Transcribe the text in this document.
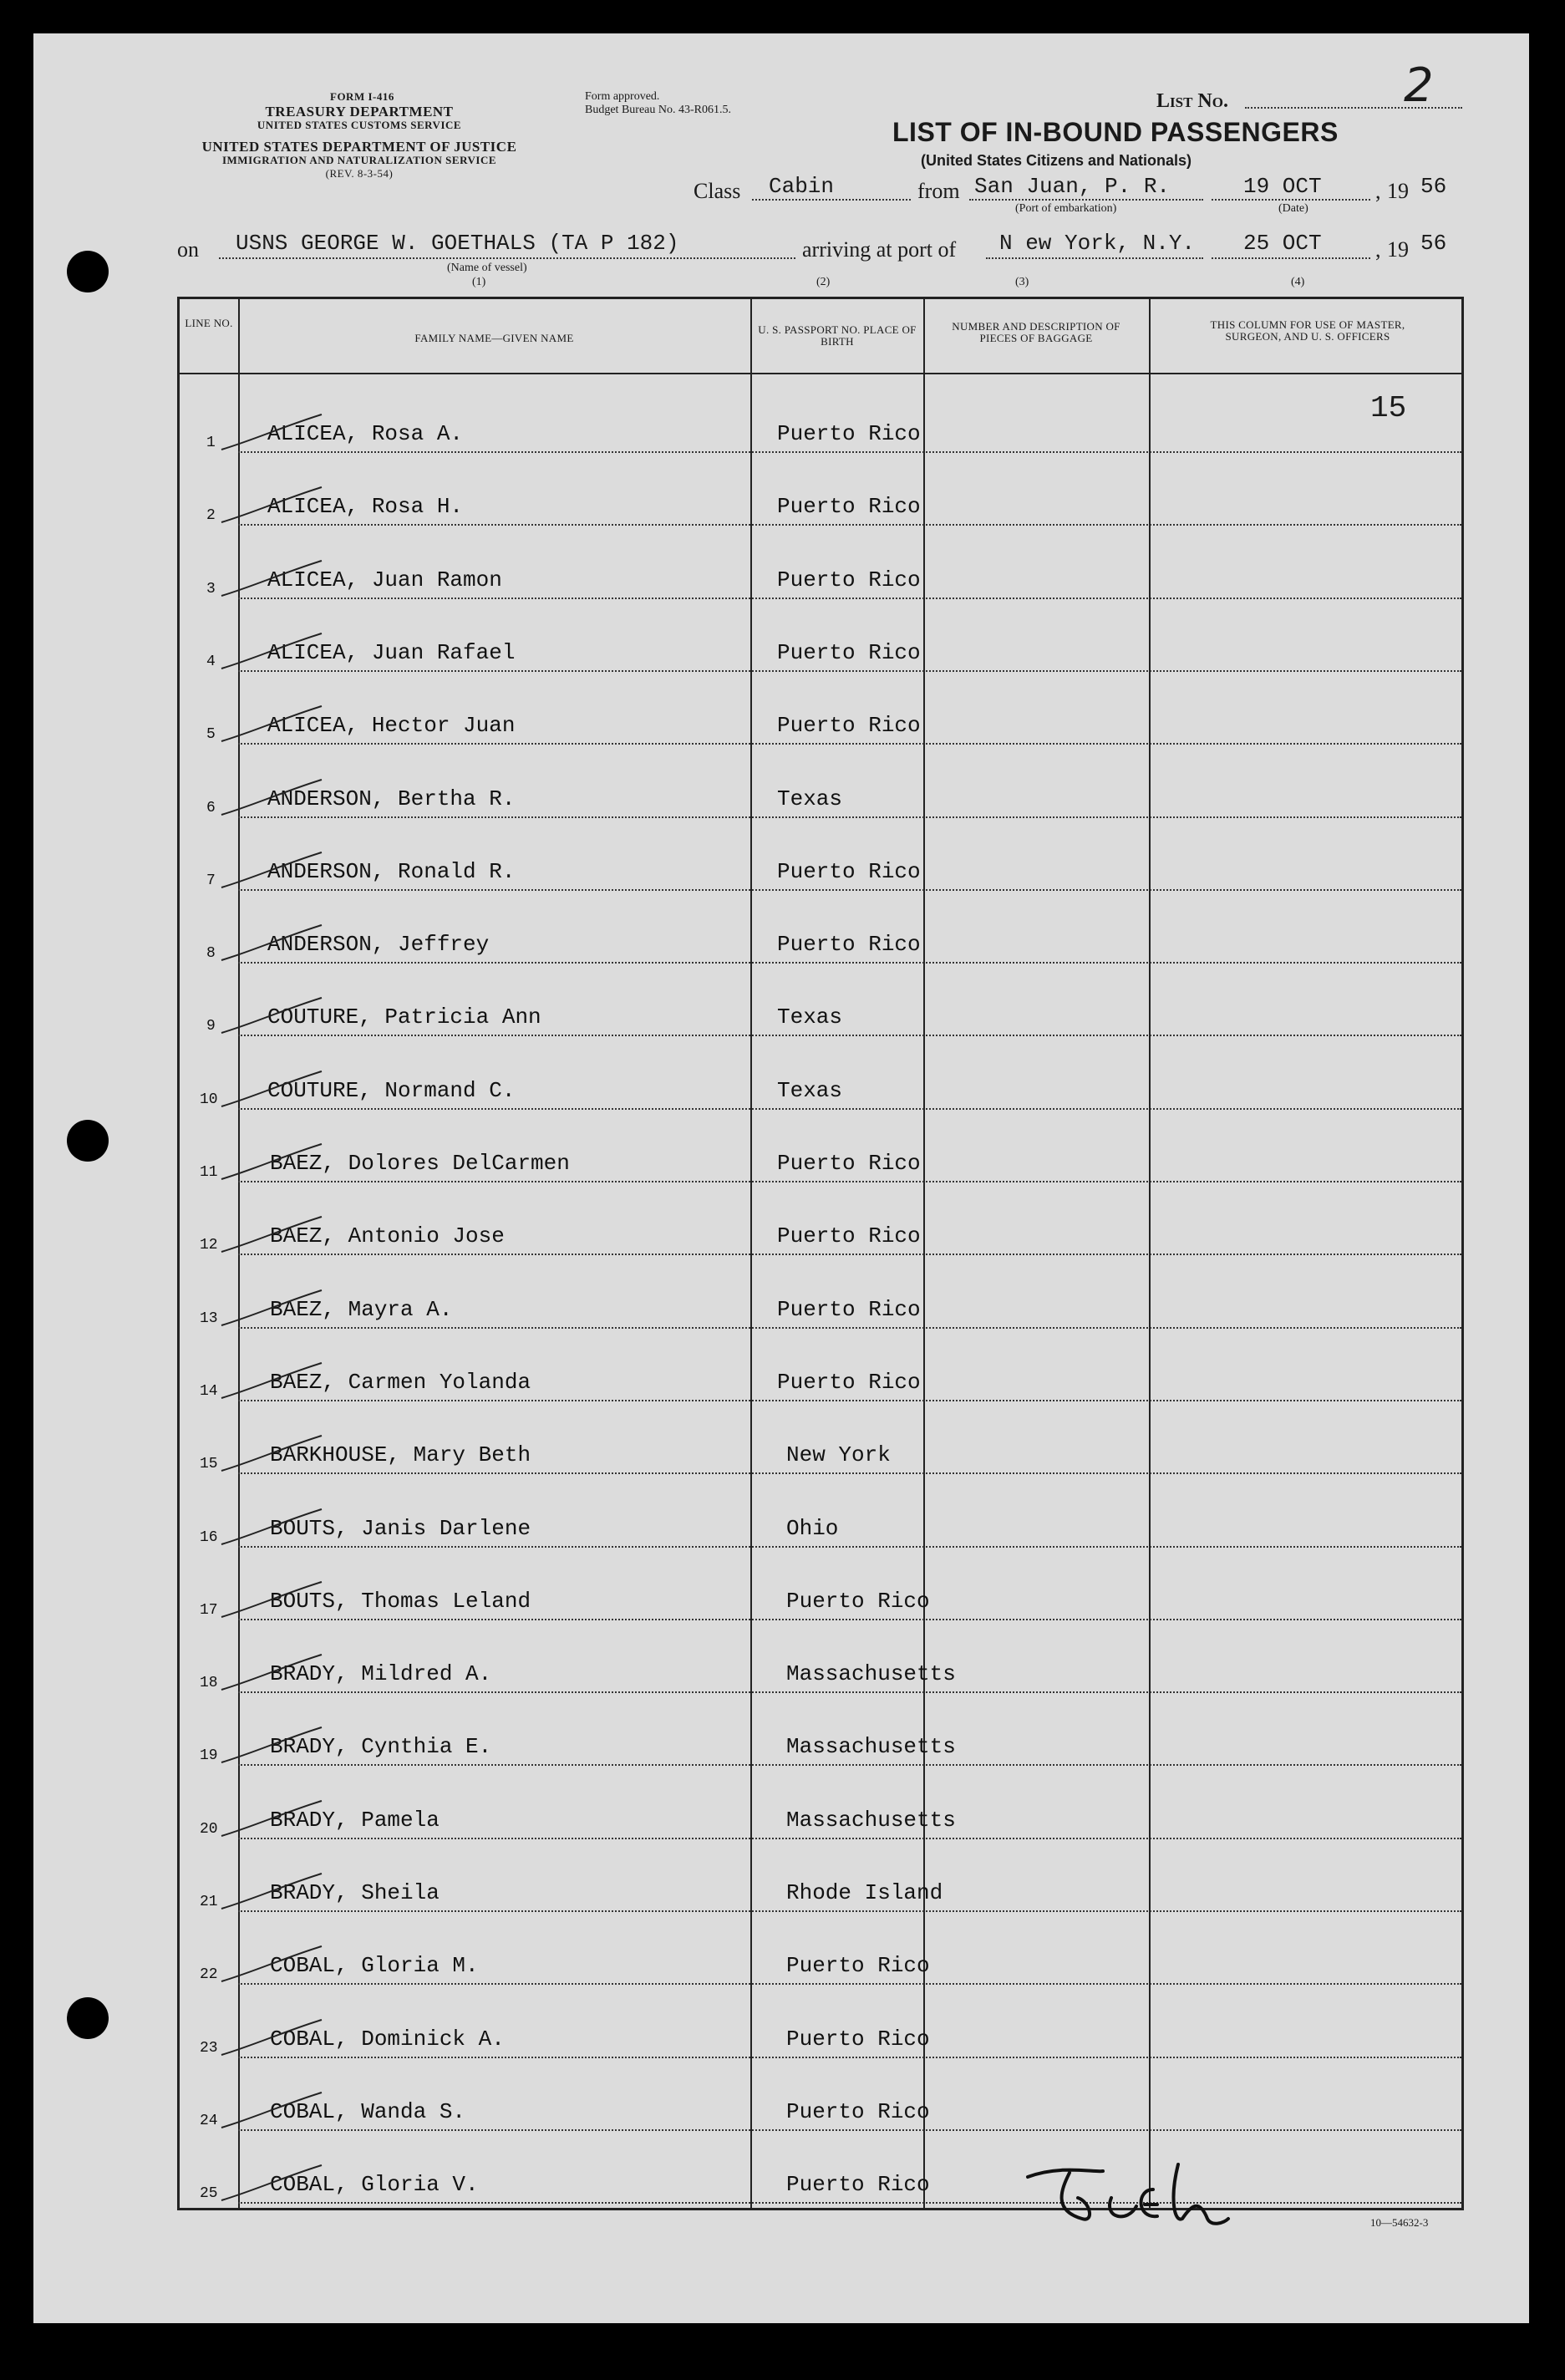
FORM I-416
TREASURY DEPARTMENT
UNITED STATES CUSTOMS SERVICE
UNITED STATES DEPARTMENT OF JUSTICE
IMMIGRATION AND NATURALIZATION SERVICE
(REV. 8-3-54)
Form approved.
Budget Bureau No. 43-R061.5.	List No.	2
LIST OF IN-BOUND PASSENGERS
(United States Citizens and Nationals)
Class Cabin	from San Juan, P. R.
(Port of embarkation)
19 OCT
(Date)
19 56
,
on USNS GEORGE W. GOETHALS (TA P 182)
(Name of vessel)
(1)
arriving at port of
(2)
N ew York, N.Y.
(3)
25 OCT
(4)
, 19 56
LINE NO.
FAMILY NAME—GIVEN NAME
U. S. PASSPORT NO. PLACE OF BIRTH
NUMBER AND DESCRIPTION OF PIECES OF BAGGAGE
THIS COLUMN FOR USE OF MASTER, SURGEON, AND U. S. OFFICERS
15
1 ALICEA, Rosa A.	Puerto Rico
2 ALICEA, Rosa H.	Puerto Rico
3 ALICEA, Juan Ramon	Puerto Rico
4 ALICEA, Juan Rafael	Puerto Rico
5 ALICEA, Hector Juan	Puerto Rico
6 ANDERSON, Bertha R.	Texas
7 ANDERSON, Ronald R.	Puerto Rico
8 ANDERSON, Jeffrey	Puerto Rico
9 COUTURE, Patricia Ann	Texas
10 COUTURE, Normand C.	Texas
11 BAEZ, Dolores DelCarmen	Puerto Rico
12 BAEZ, Antonio Jose	Puerto Rico
13 BAEZ, Mayra A.	Puerto Rico
14 BAEZ, Carmen Yolanda	Puerto Rico
15 BARKHOUSE, Mary Beth	New York
16 BOUTS, Janis Darlene	Ohio
17 BOUTS, Thomas Leland	Puerto Rico
18 BRADY, Mildred A.	Massachusetts
19 BRADY, Cynthia E.	Massachusetts
20 BRADY, Pamela	Massachusetts
21 BRADY, Sheila	Rhode Island
22 COBAL, Gloria M.	Puerto Rico
23 COBAL, Dominick A.	Puerto Rico
24 COBAL, Wanda S.	Puerto Rico
25 COBAL, Gloria V.	Puerto Rico
10—54632-3
